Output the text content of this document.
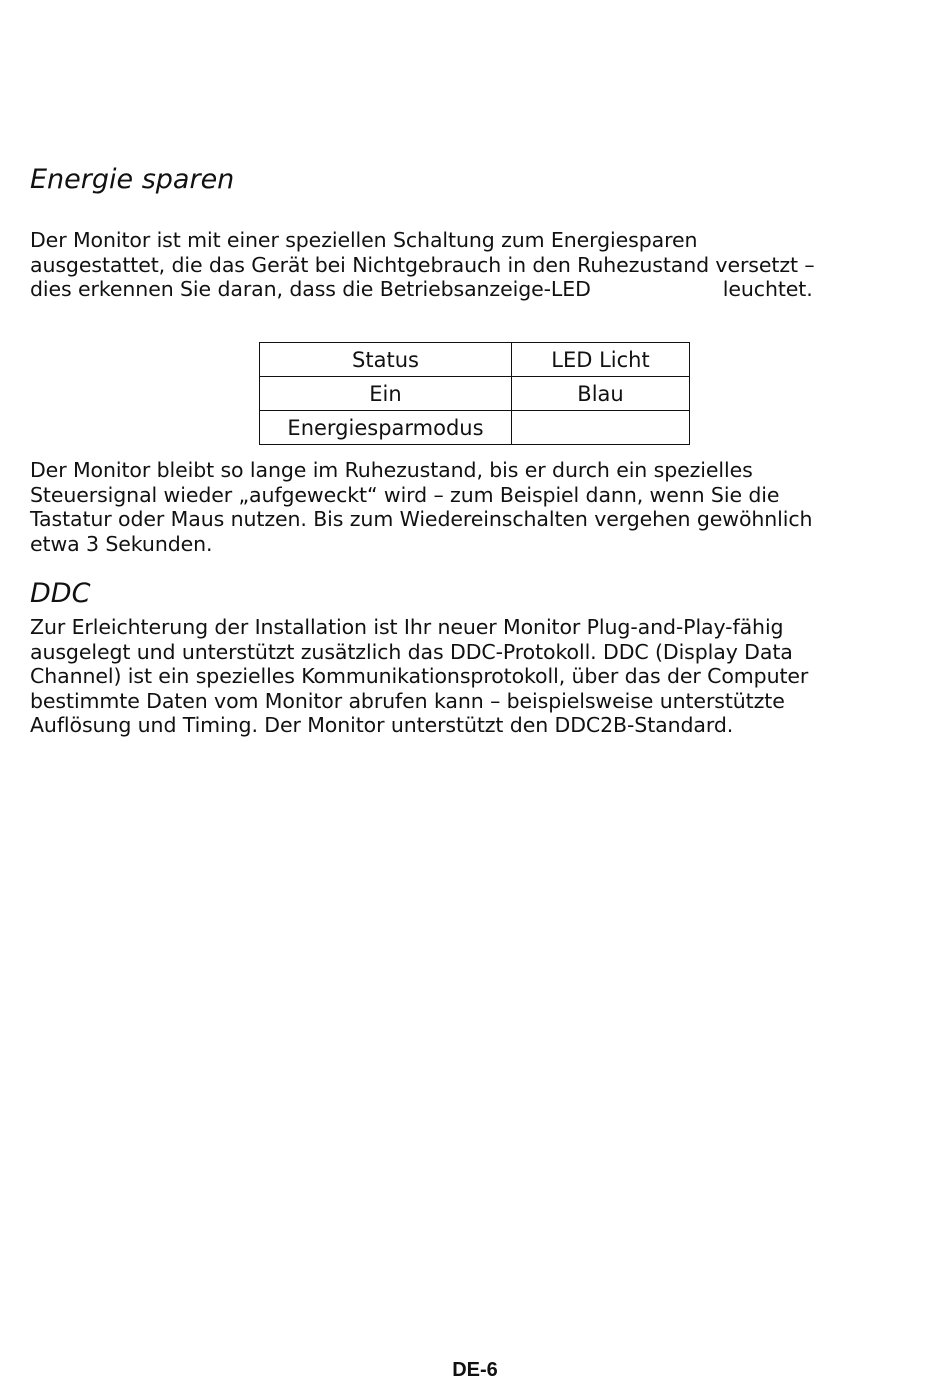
Energie sparen

Der Monitor ist mit einer speziellen Schaltung zum Energiesparen
ausgestattet, die das Gerät bei Nichtgebrauch in den Ruhezustand versetzt –
dies erkennen Sie daran, dass die Betriebsanzeige-LED	leuchtet.

Status	LED Licht
Ein	Blau
Energiesparmodus	

Der Monitor bleibt so lange im Ruhezustand, bis er durch ein spezielles
Steuersignal wieder „aufgeweckt“ wird – zum Beispiel dann, wenn Sie die
Tastatur oder Maus nutzen. Bis zum Wiedereinschalten vergehen gewöhnlich
etwa 3 Sekunden.

DDC

Zur Erleichterung der Installation ist Ihr neuer Monitor Plug-and-Play-fähig
ausgelegt und unterstützt zusätzlich das DDC-Protokoll. DDC (Display Data
Channel) ist ein spezielles Kommunikationsprotokoll, über das der Computer
bestimmte Daten vom Monitor abrufen kann – beispielsweise unterstützte
Auflösung und Timing. Der Monitor unterstützt den DDC2B-Standard.

DE-6
